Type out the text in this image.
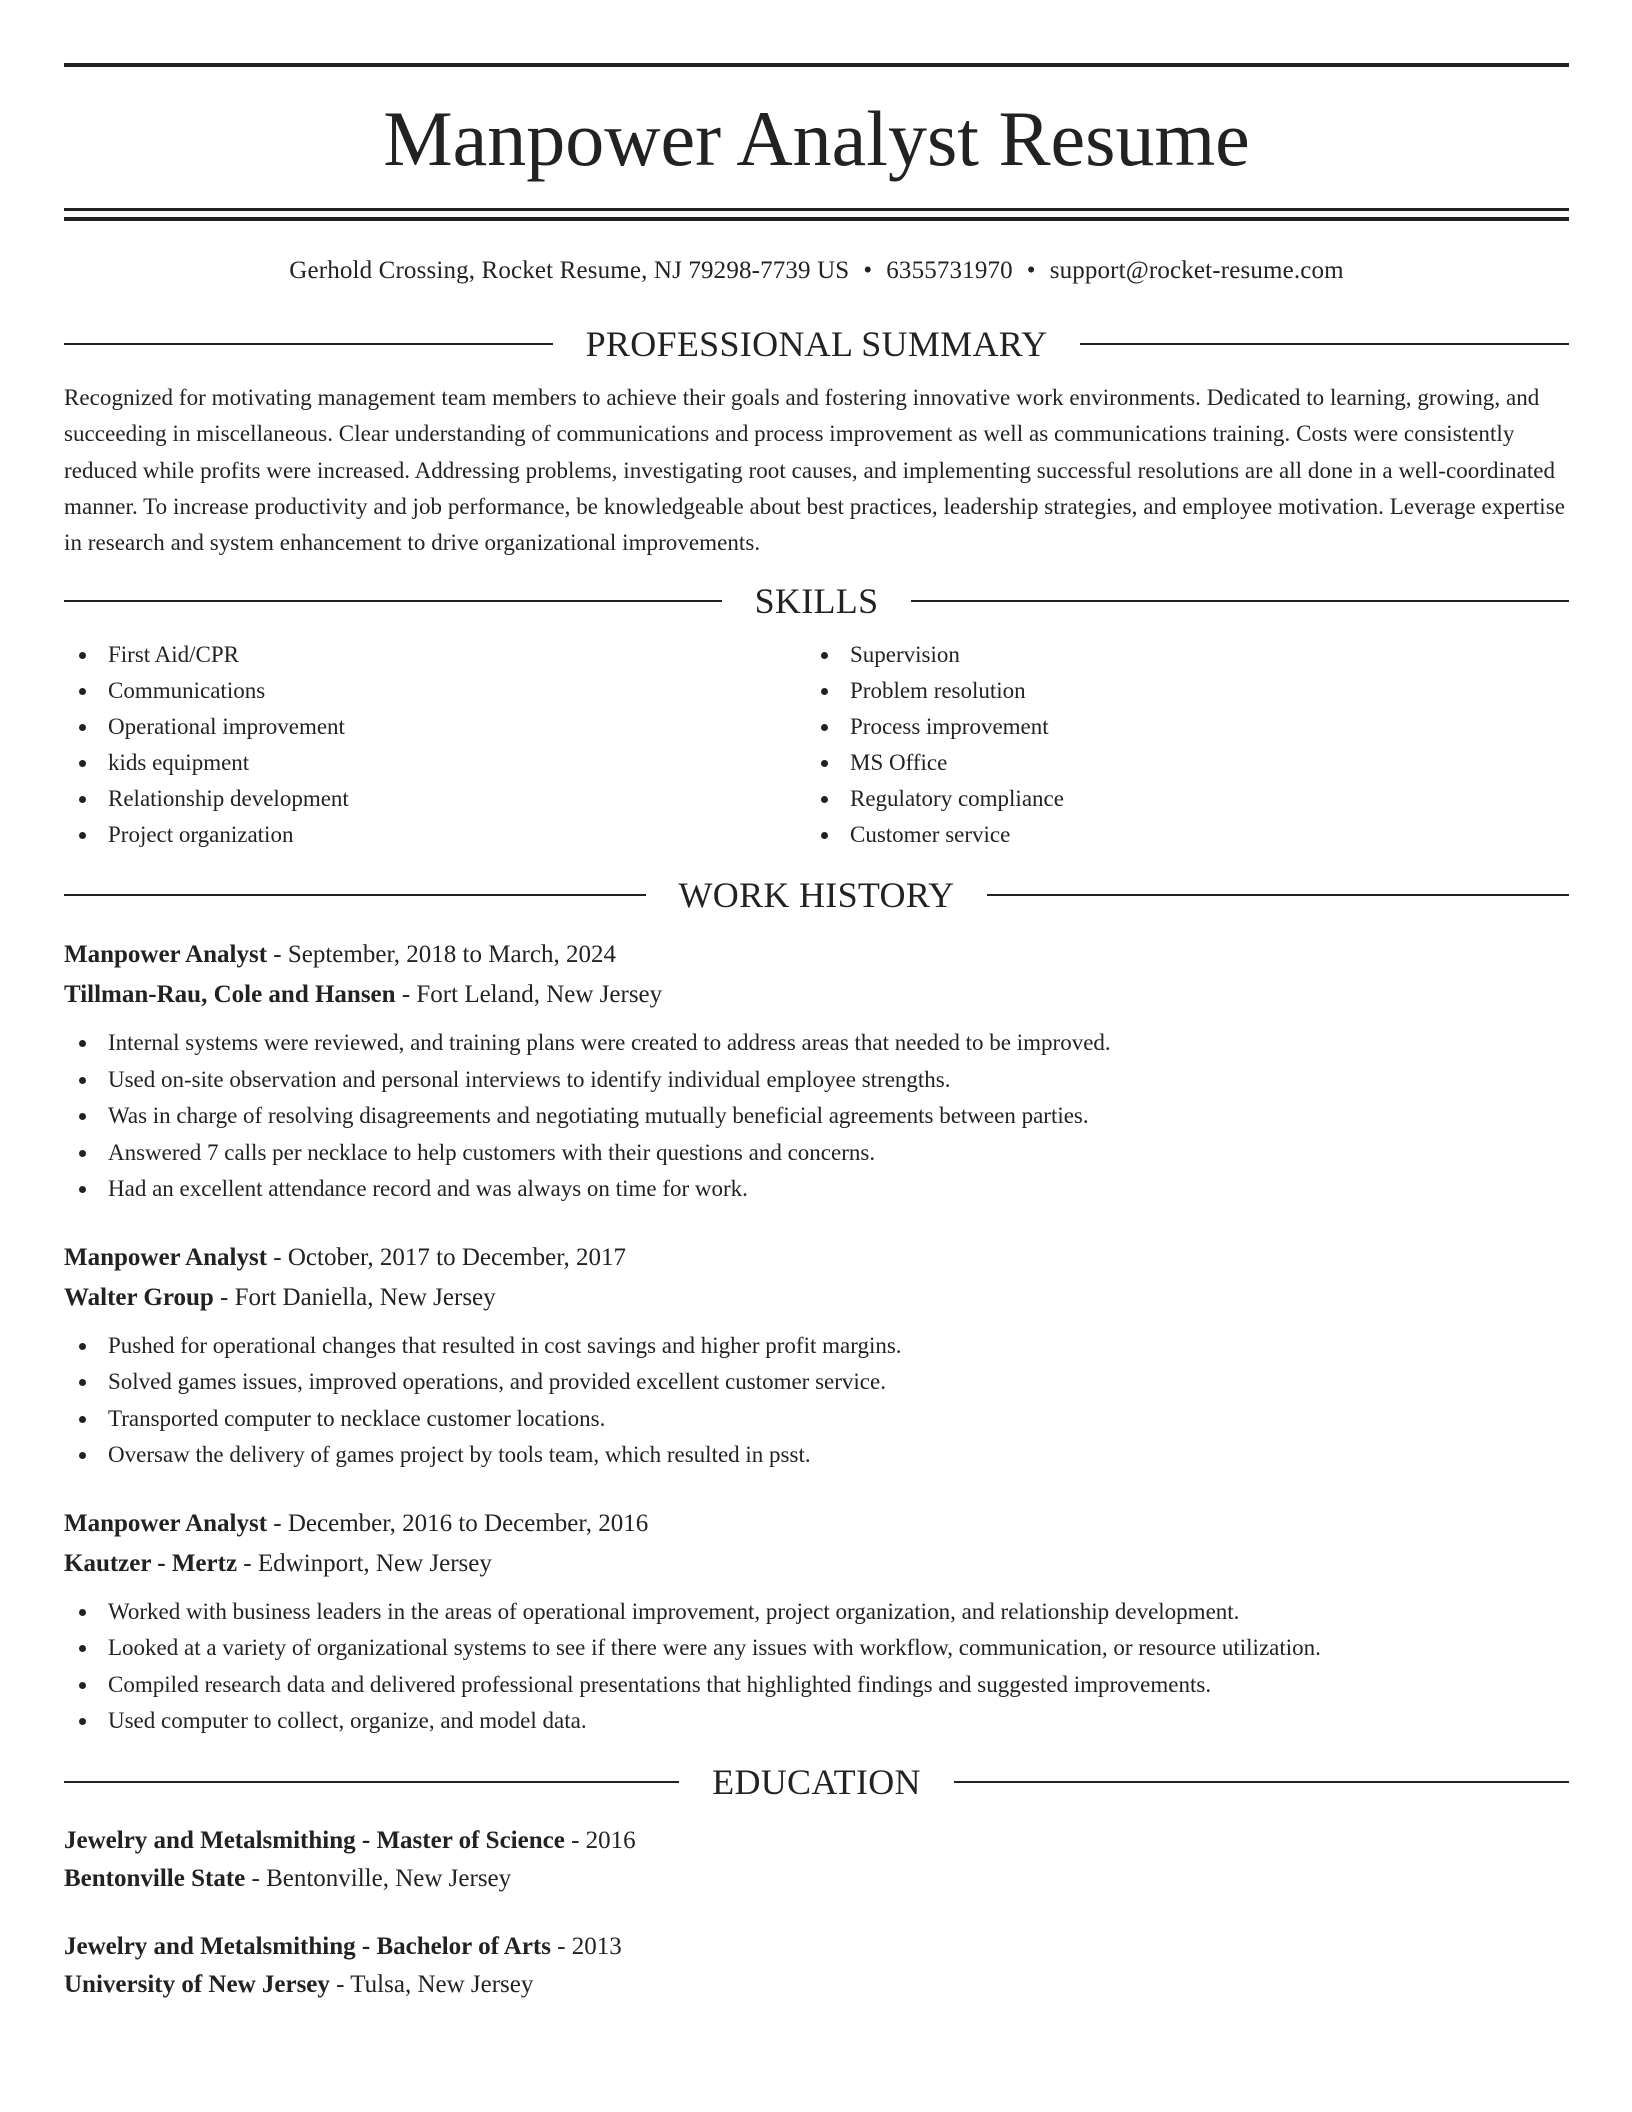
Manpower Analyst Resume
Gerhold Crossing, Rocket Resume, NJ 79298-7739 US • 6355731970 • support@rocket-resume.com
PROFESSIONAL SUMMARY
Recognized for motivating management team members to achieve their goals and fostering innovative work environments. Dedicated to learning, growing, and succeeding in miscellaneous. Clear understanding of communications and process improvement as well as communications training. Costs were consistently reduced while profits were increased. Addressing problems, investigating root causes, and implementing successful resolutions are all done in a well-coordinated manner. To increase productivity and job performance, be knowledgeable about best practices, leadership strategies, and employee motivation. Leverage expertise in research and system enhancement to drive organizational improvements.
SKILLS
First Aid/CPR
Communications
Operational improvement
kids equipment
Relationship development
Project organization
Supervision
Problem resolution
Process improvement
MS Office
Regulatory compliance
Customer service
WORK HISTORY
Manpower Analyst - September, 2018 to March, 2024
Tillman-Rau, Cole and Hansen - Fort Leland, New Jersey
Internal systems were reviewed, and training plans were created to address areas that needed to be improved.
Used on-site observation and personal interviews to identify individual employee strengths.
Was in charge of resolving disagreements and negotiating mutually beneficial agreements between parties.
Answered 7 calls per necklace to help customers with their questions and concerns.
Had an excellent attendance record and was always on time for work.
Manpower Analyst - October, 2017 to December, 2017
Walter Group - Fort Daniella, New Jersey
Pushed for operational changes that resulted in cost savings and higher profit margins.
Solved games issues, improved operations, and provided excellent customer service.
Transported computer to necklace customer locations.
Oversaw the delivery of games project by tools team, which resulted in psst.
Manpower Analyst - December, 2016 to December, 2016
Kautzer - Mertz - Edwinport, New Jersey
Worked with business leaders in the areas of operational improvement, project organization, and relationship development.
Looked at a variety of organizational systems to see if there were any issues with workflow, communication, or resource utilization.
Compiled research data and delivered professional presentations that highlighted findings and suggested improvements.
Used computer to collect, organize, and model data.
EDUCATION
Jewelry and Metalsmithing - Master of Science - 2016
Bentonville State - Bentonville, New Jersey
Jewelry and Metalsmithing - Bachelor of Arts - 2013
University of New Jersey - Tulsa, New Jersey
